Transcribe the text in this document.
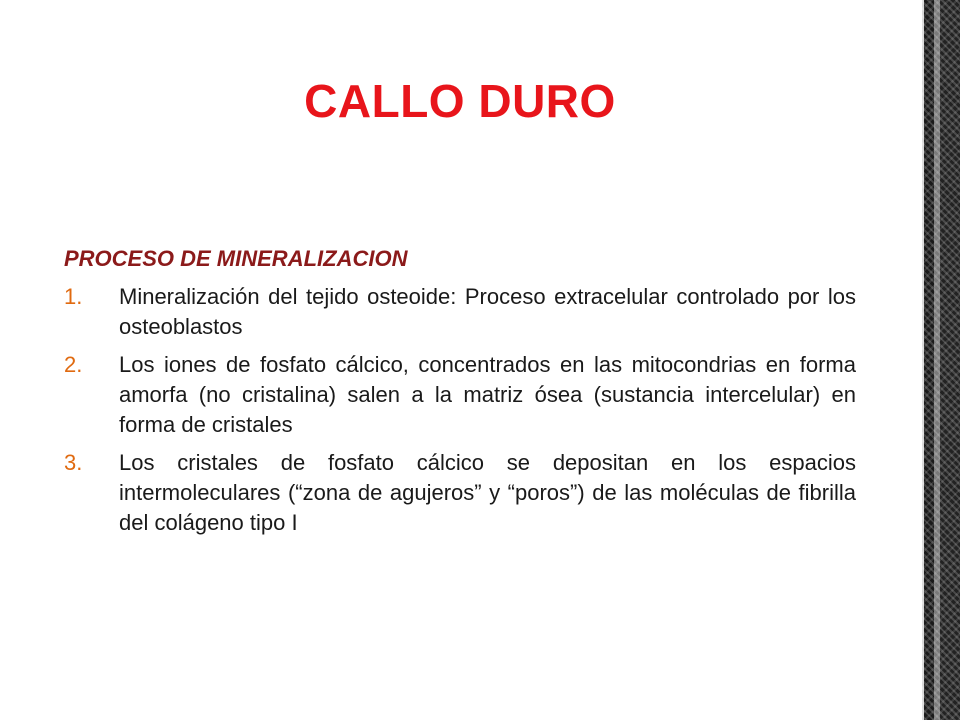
CALLO DURO
PROCESO DE MINERALIZACION
1. Mineralización del tejido osteoide: Proceso extracelular controlado por los osteoblastos
2. Los iones de fosfato cálcico, concentrados en las mitocondrias en forma amorfa (no cristalina) salen a la matriz ósea (sustancia intercelular) en forma de cristales
3. Los cristales de fosfato cálcico se depositan en los espacios intermoleculares (“zona de agujeros” y “poros”) de las moléculas de fibrilla del colágeno tipo I
